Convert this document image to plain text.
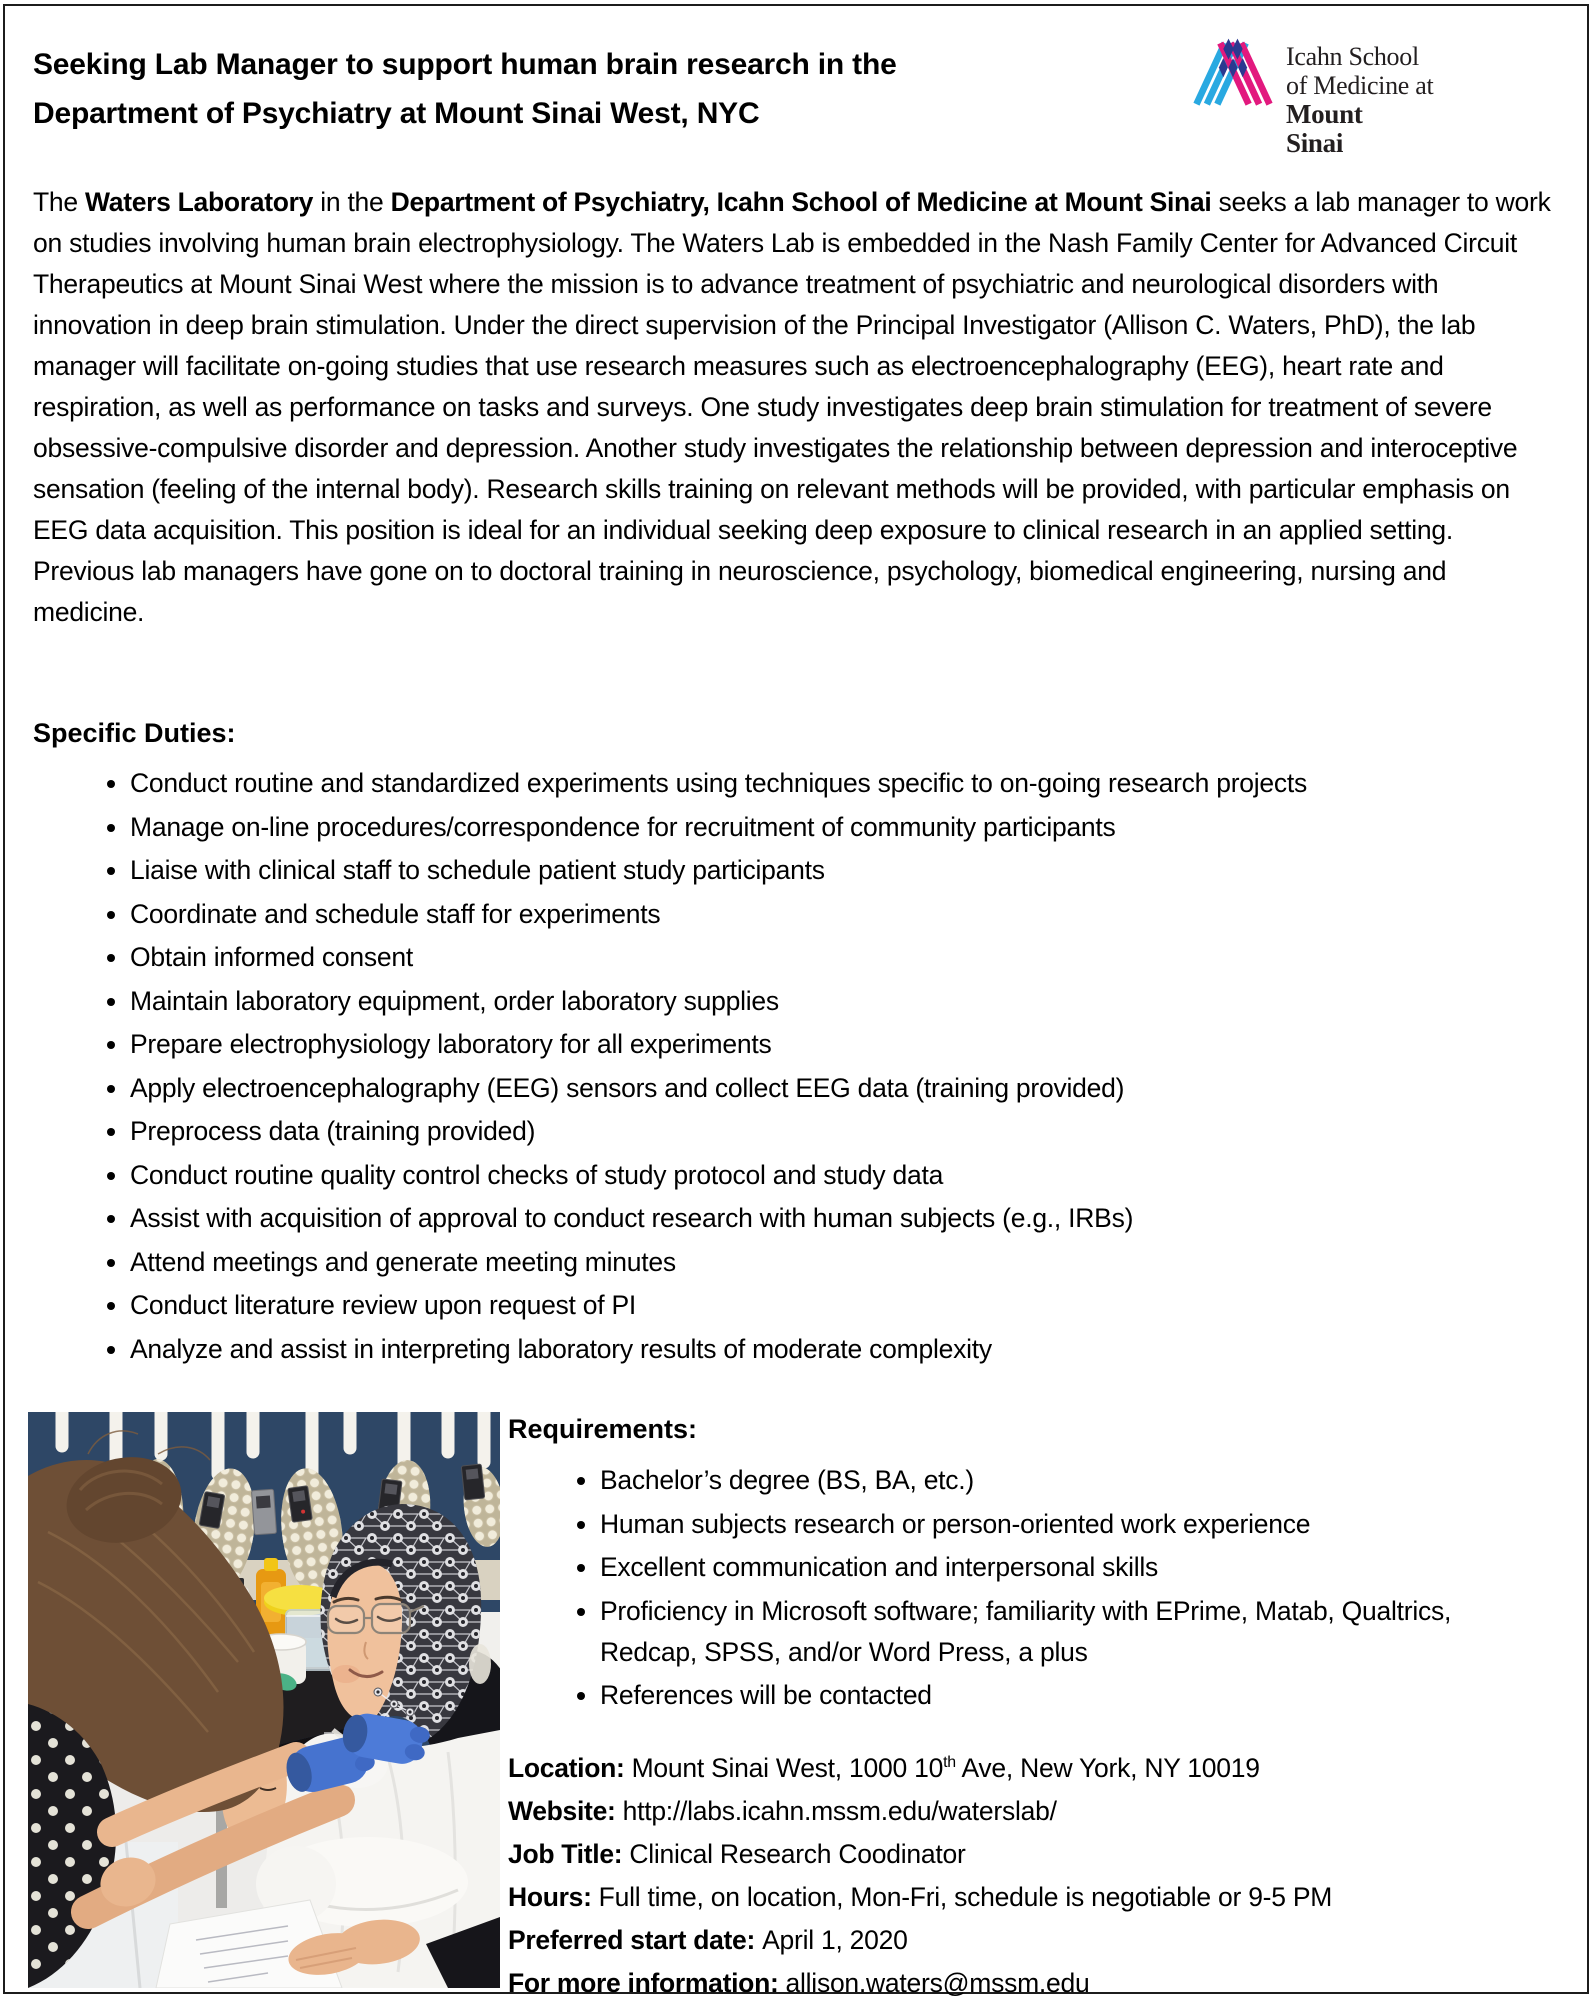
Seeking Lab Manager to support human brain research in the
Department of Psychiatry at Mount Sinai West, NYC
Icahn School
of Medicine at
Mount
Sinai

The Waters Laboratory in the Department of Psychiatry, Icahn School of Medicine at Mount Sinai seeks a lab manager to work on studies involving human brain electrophysiology. The Waters Lab is embedded in the Nash Family Center for Advanced Circuit Therapeutics at Mount Sinai West where the mission is to advance treatment of psychiatric and neurological disorders with innovation in deep brain stimulation. Under the direct supervision of the Principal Investigator (Allison C. Waters, PhD), the lab manager will facilitate on-going studies that use research measures such as electroencephalography (EEG), heart rate and respiration, as well as performance on tasks and surveys. One study investigates deep brain stimulation for treatment of severe obsessive-compulsive disorder and depression. Another study investigates the relationship between depression and interoceptive sensation (feeling of the internal body). Research skills training on relevant methods will be provided, with particular emphasis on EEG data acquisition. This position is ideal for an individual seeking deep exposure to clinical research in an applied setting. Previous lab managers have gone on to doctoral training in neuroscience, psychology, biomedical engineering, nursing and medicine.

Specific Duties:
• Conduct routine and standardized experiments using techniques specific to on-going research projects
• Manage on-line procedures/correspondence for recruitment of community participants
• Liaise with clinical staff to schedule patient study participants
• Coordinate and schedule staff for experiments
• Obtain informed consent
• Maintain laboratory equipment, order laboratory supplies
• Prepare electrophysiology laboratory for all experiments
• Apply electroencephalography (EEG) sensors and collect EEG data (training provided)
• Preprocess data (training provided)
• Conduct routine quality control checks of study protocol and study data
• Assist with acquisition of approval to conduct research with human subjects (e.g., IRBs)
• Attend meetings and generate meeting minutes
• Conduct literature review upon request of PI
• Analyze and assist in interpreting laboratory results of moderate complexity
Requirements:
• Bachelor’s degree (BS, BA, etc.)
• Human subjects research or person-oriented work experience
• Excellent communication and interpersonal skills
• Proficiency in Microsoft software; familiarity with EPrime, Matab, Qualtrics, Redcap, SPSS, and/or Word Press, a plus
• References will be contacted
Location: Mount Sinai West, 1000 10th Ave, New York, NY 10019
Website: http://labs.icahn.mssm.edu/waterslab/
Job Title: Clinical Research Coodinator
Hours: Full time, on location, Mon-Fri, schedule is negotiable or 9-5 PM
Preferred start date: April 1, 2020
For more information: allison.waters@mssm.edu
